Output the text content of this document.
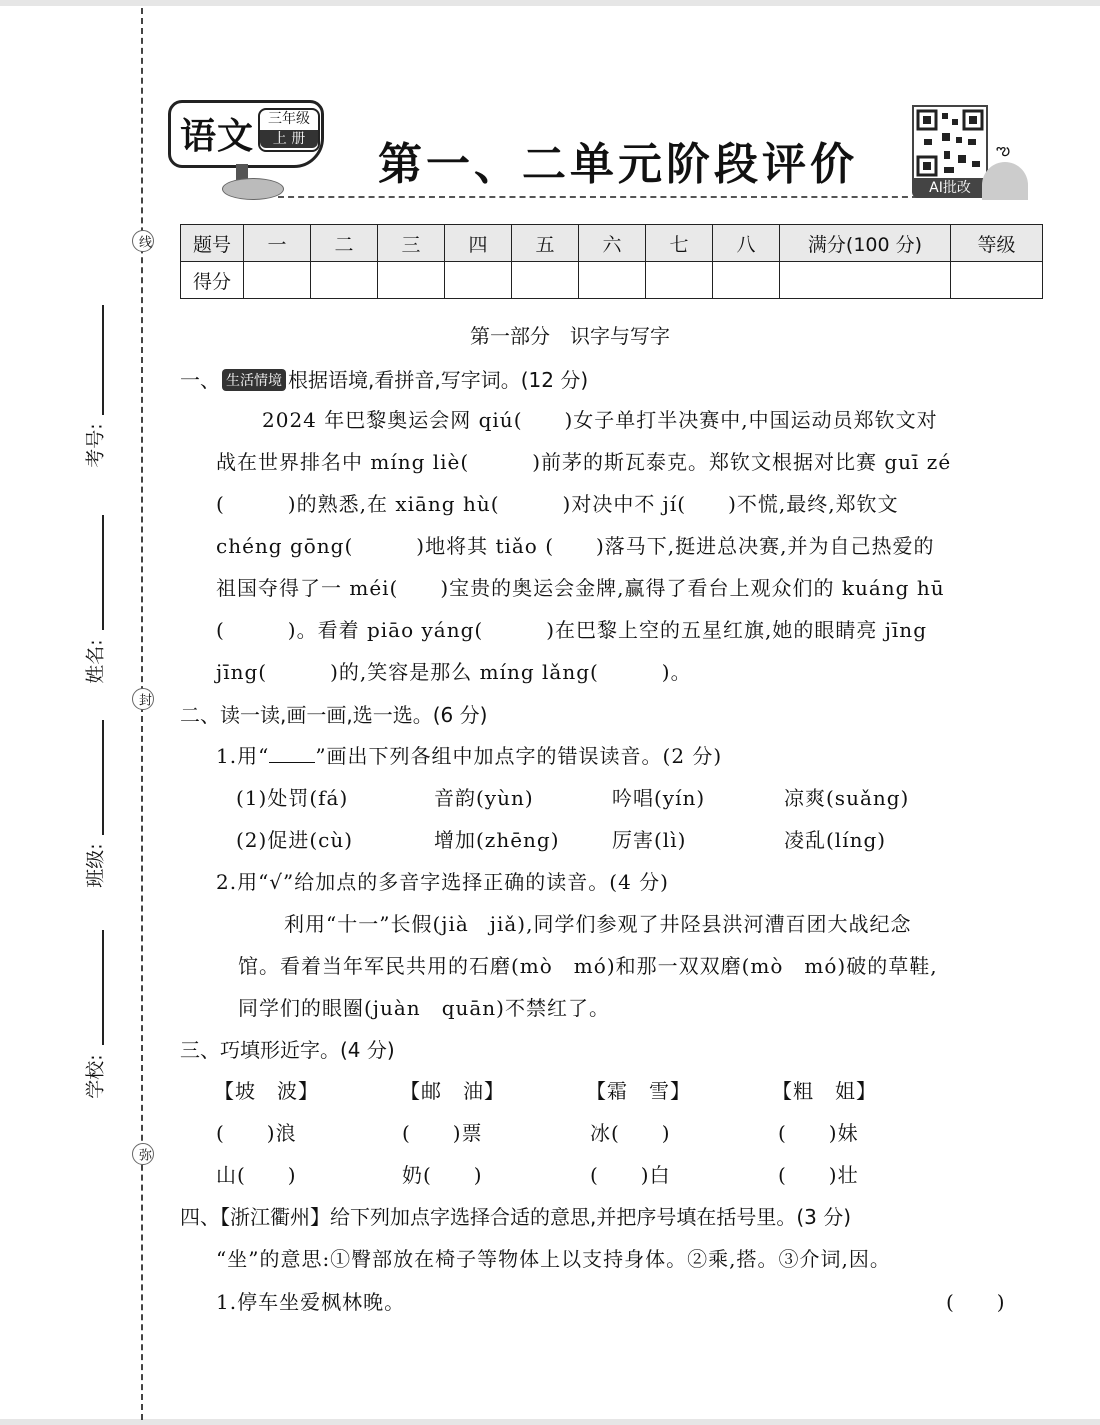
线
封
弥
考号:
姓名:
班级:
学校:
语文 三年级
上 册 第一、二单元阶段评价	AI批改
ఌ
题号	一	二	三	四	五	六	七	八	满分(100 分)	等级
得分										
第一部分　识字与写字
一、 生活情境 根据语境,看拼音,写字词。(12 分)
2024 年巴黎奥运会网 qiú(　　)女子单打半决赛中,中国运动员郑钦文对
战在世界排名中 míng liè(　　　)前茅的斯瓦泰克。郑钦文根据对比赛 guī zé
(　　　)的熟悉,在 xiāng hù(　　　)对决中不 jí(　　)不慌,最终,郑钦文
chéng gōng(　　　)地将其 tiǎo (　　)落马下,挺进总决赛,并为自己热爱的
祖国夺得了一 méi(　　)宝贵的奥运会金牌,赢得了看台上观众们的 kuáng hū
(　　　)。看着 piāo yáng(　　　)在巴黎上空的五星红旗,她的眼睛亮 jīng
jīng(　　　)的,笑容是那么 míng lǎng(　　　)。
二、读一读,画一画,选一选。(6 分)
1.用“ ”画出下列各组中加点字的错误读音。(2 分)
(1)处罚(fá)	音韵(yùn)	吟唱(yín)	凉爽(suǎng)
(2)促进(cù)	增加(zhēng)	厉害(lì)	凌乱(líng)
2.用“√”给加点的多音字选择正确的读音。(4 分)
利用“十一”长假(jià　jiǎ),同学们参观了井陉县洪河漕百团大战纪念
馆。看着当年军民共用的石磨(mò　mó)和那一双双磨(mò　mó)破的草鞋,
同学们的眼圈(juàn　quān)不禁红了。
三、巧填形近字。(4 分)
【坡　波】	【邮　油】	【霜　雪】	【粗　姐】
(　　)浪	(　　)票	冰(　　)	(　　)妹
山(　　)	奶(　　)	(　　)白	(　　)壮
四、【浙江衢州】给下列加点字选择合适的意思,并把序号填在括号里。(3 分)
“坐”的意思:①臀部放在椅子等物体上以支持身体。②乘,搭。③介词,因。
1.停车坐爱枫林晚。	(　　)
